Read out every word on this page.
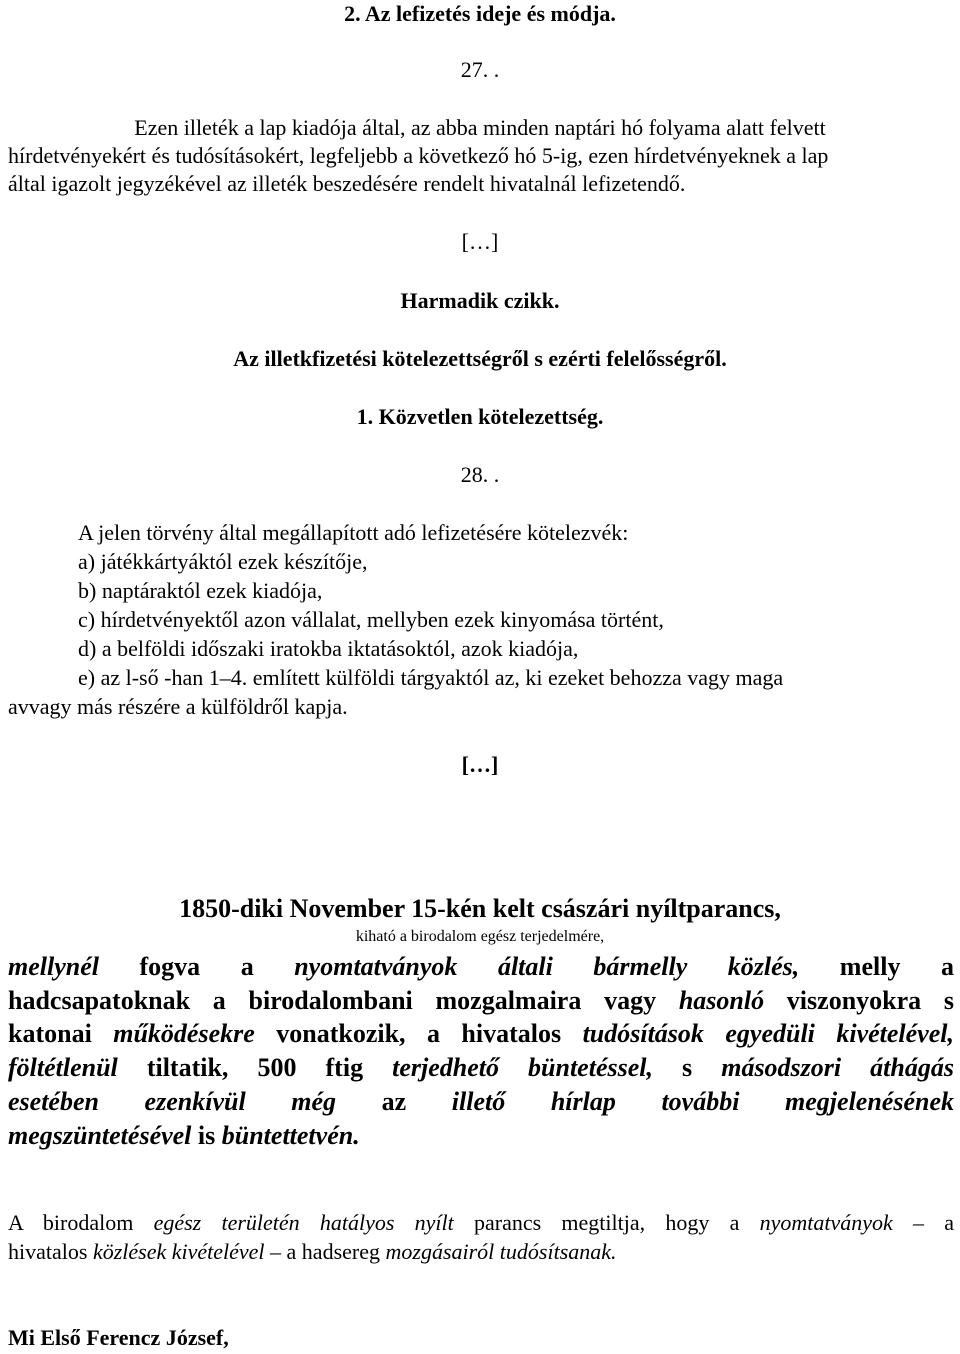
2. Az lefizetés ideje és módja.
27. .
Ezen illeték a lap kiadója által, az abba minden naptári hó folyama alatt felvett
hírdetvényekért és tudósításokért, legfeljebb a következő hó 5-ig, ezen hírdetvényeknek a lap
által igazolt jegyzékével az illeték beszedésére rendelt hivatalnál lefizetendő.
[…]
Harmadik czikk.
Az illetkfizetési kötelezettségről s ezérti felelősségről.
1. Közvetlen kötelezettség.
28. .
A jelen törvény által megállapított adó lefizetésére kötelezvék:
a) játékkártyáktól ezek készítője,
b) naptáraktól ezek kiadója,
c) hírdetvényektől azon vállalat, mellyben ezek kinyomása történt,
d) a belföldi időszaki iratokba iktatásoktól, azok kiadója,
e) az l-ső -han 1–4. említett külföldi tárgyaktól az, ki ezeket behozza vagy maga
avvagy más részére a külföldről kapja.
[…]
1850-diki November 15-kén kelt császári nyíltparancs,
kiható a birodalom egész terjedelmére,
mellynél fogva a nyomtatványok általi bármelly közlés, melly a
hadcsapatoknak a birodalombani mozgalmaira vagy hasonló viszonyokra s
katonai működésekre vonatkozik, a hivatalos tudósítások egyedüli kivételével,
föltétlenül tiltatik, 500 ftig terjedhető büntetéssel, s másodszori áthágás
esetében ezenkívül még az illető hírlap további megjelenésének
megszüntetésével is büntettetvén.
A birodalom egész területén hatályos nyílt parancs megtiltja, hogy a nyomtatványok – a
hivatalos közlések kivételével – a hadsereg mozgásairól tudósítsanak.
Mi Első Ferencz József,
